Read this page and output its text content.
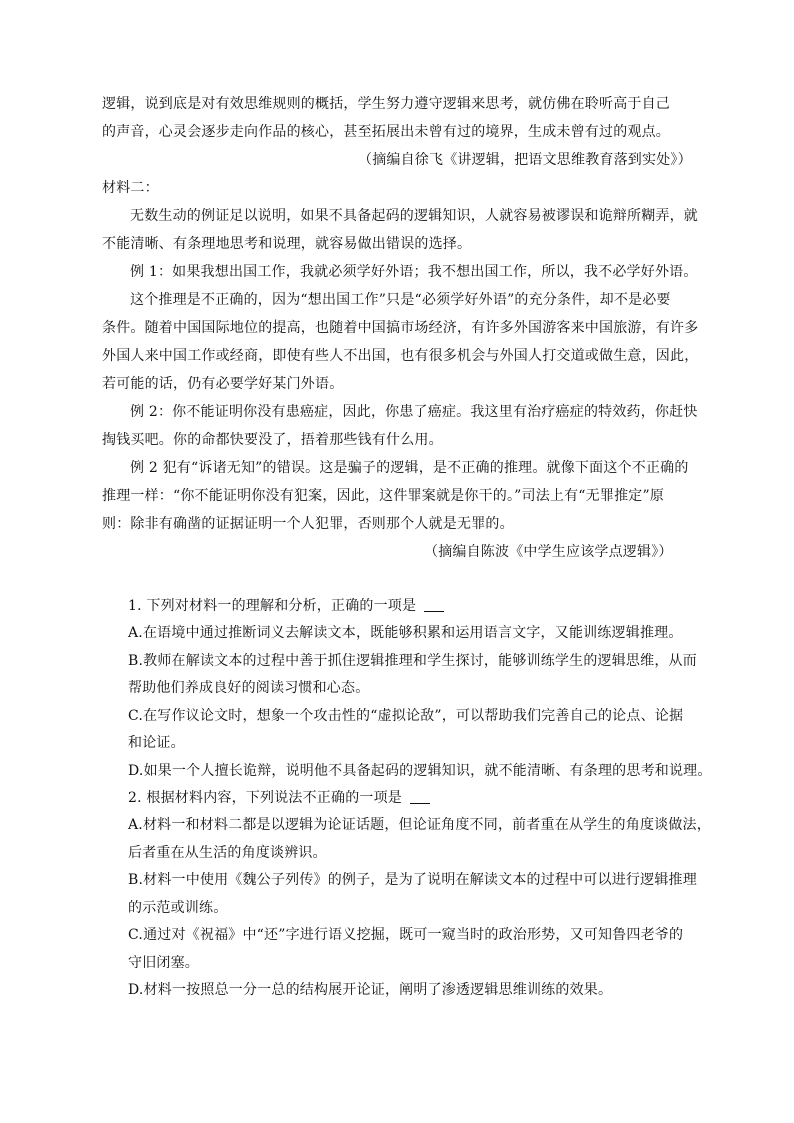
逻辑，说到底是对有效思维规则的概括，学生努力遵守逻辑来思考，就仿佛在聆听高于自己
的声音，心灵会逐步走向作品的核心，甚至拓展出未曾有过的境界，生成未曾有过的观点。
（摘编自徐飞《讲逻辑，把语文思维教育落到实处》）
材料二：
无数生动的例证足以说明，如果不具备起码的逻辑知识，人就容易被谬误和诡辩所糊弄，就
不能清晰、有条理地思考和说理，就容易做出错误的选择。
例 1：如果我想出国工作，我就必须学好外语；我不想出国工作，所以，我不必学好外语。
这个推理是不正确的，因为“想出国工作”只是“必须学好外语”的充分条件，却不是必要
条件。随着中国国际地位的提高，也随着中国搞市场经济，有许多外国游客来中国旅游，有许多
外国人来中国工作或经商，即使有些人不出国，也有很多机会与外国人打交道或做生意，因此，
若可能的话，仍有必要学好某门外语。
例 2：你不能证明你没有患癌症，因此，你患了癌症。我这里有治疗癌症的特效药，你赶快
掏钱买吧。你的命都快要没了，捂着那些钱有什么用。
例 2 犯有“诉诸无知”的错误。这是骗子的逻辑，是不正确的推理。就像下面这个不正确的
推理一样：“你不能证明你没有犯案，因此，这件罪案就是你干的。”司法上有“无罪推定”原
则：除非有确凿的证据证明一个人犯罪，否则那个人就是无罪的。
（摘编自陈波《中学生应该学点逻辑》）
1. 下列对材料一的理解和分析，正确的一项是
A.在语境中通过推断词义去解读文本，既能够积累和运用语言文字，又能训练逻辑推理。
B.教师在解读文本的过程中善于抓住逻辑推理和学生探讨，能够训练学生的逻辑思维，从而
帮助他们养成良好的阅读习惯和心态。
C.在写作议论文时，想象一个攻击性的“虚拟论敌”，可以帮助我们完善自己的论点、论据
和论证。
D.如果一个人擅长诡辩，说明他不具备起码的逻辑知识，就不能清晰、有条理的思考和说理。
2. 根据材料内容，下列说法不正确的一项是
A.材料一和材料二都是以逻辑为论证话题，但论证角度不同，前者重在从学生的角度谈做法，
后者重在从生活的角度谈辨识。
B.材料一中使用《魏公子列传》的例子，是为了说明在解读文本的过程中可以进行逻辑推理
的示范或训练。
C.通过对《祝福》中“还”字进行语义挖掘，既可一窥当时的政治形势，又可知鲁四老爷的
守旧闭塞。
D.材料一按照总一分一总的结构展开论证，阐明了渗透逻辑思维训练的效果。
